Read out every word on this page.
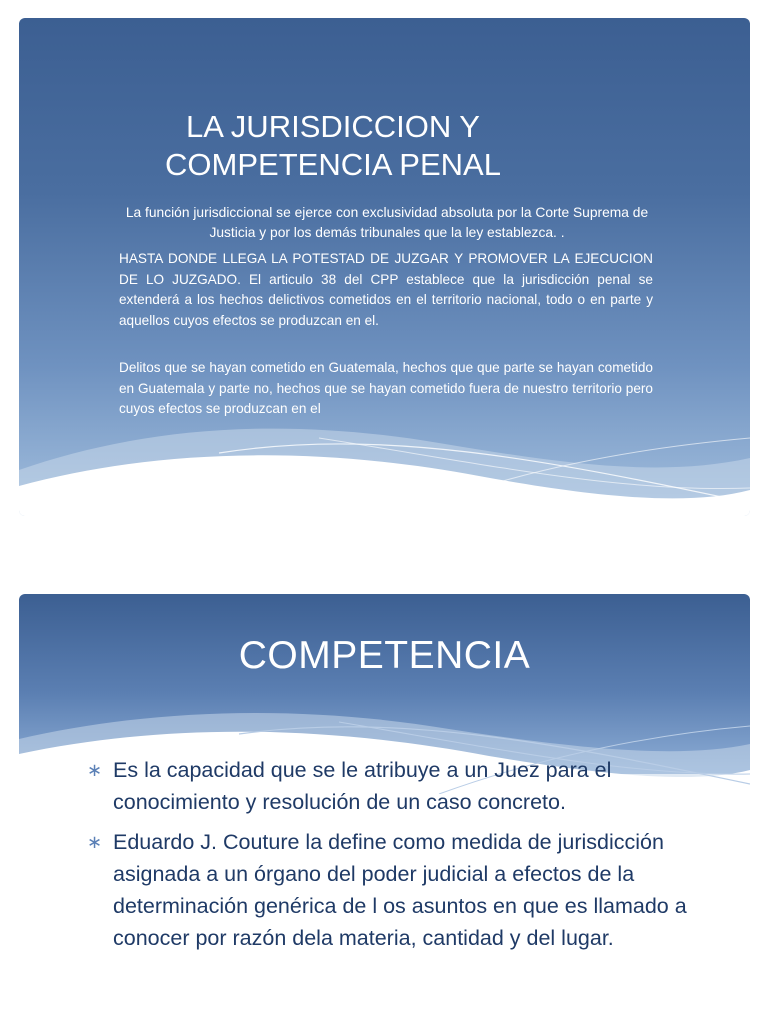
LA JURISDICCION Y
COMPETENCIA PENAL

La función jurisdiccional se ejerce con exclusividad absoluta por la Corte Suprema de Justicia y por los demás tribunales que la ley establezca. .

HASTA DONDE LLEGA LA POTESTAD DE JUZGAR Y PROMOVER LA EJECUCION DE LO JUZGADO. El articulo 38 del CPP establece que la jurisdicción penal se extenderá a los hechos delictivos cometidos en el territorio nacional, todo o en parte y aquellos cuyos efectos se produzcan en el.

Delitos que se hayan cometido en Guatemala, hechos que que parte se hayan cometido en Guatemala y parte no, hechos que se hayan cometido fuera de nuestro territorio pero cuyos efectos se produzcan en el

COMPETENCIA
∗ Es la capacidad que se le atribuye a un Juez para el conocimiento y resolución de un caso concreto.
∗ Eduardo J. Couture la define como medida de jurisdicción asignada a un órgano del poder judicial a efectos de la determinación genérica de l os asuntos en que es llamado a conocer por razón dela materia, cantidad y del lugar.
